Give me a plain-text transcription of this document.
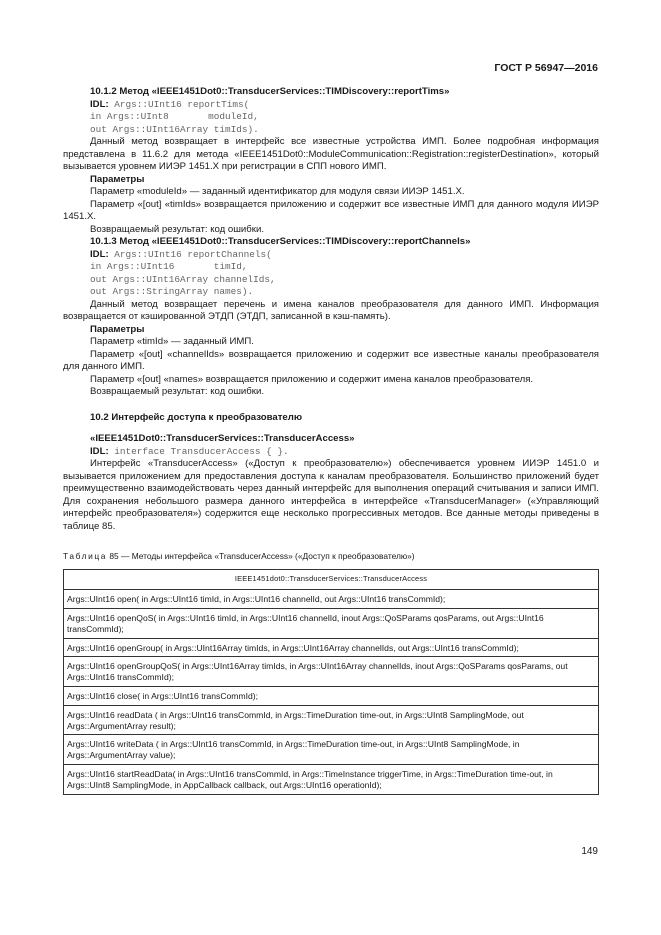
ГОСТ Р 56947—2016
10.1.2 Метод «IEEE1451Dot0::TransducerServices::TIMDiscovery::reportTims»
IDL: Args::UInt16 reportTims(
in Args::UInt8       moduleId,
out Args::UInt16Array timIds).

Данный метод возвращает в интерфейс все известные устройства ИМП. Более подробная информация представлена в 11.6.2 для метода «IEEE1451Dot0::ModuleCommunication::Registration::registerDestination», который вызывается уровнем ИИЭР 1451.X при регистрации в СПП нового ИМП.

Параметры

Параметр «moduleId» — заданный идентификатор для модуля связи ИИЭР 1451.X.

Параметр «[out] «timIds» возвращается приложению и содержит все известные ИМП для данного модуля ИИЭР 1451.X.

Возвращаемый результат: код ошибки.

10.1.3 Метод «IEEE1451Dot0::TransducerServices::TIMDiscovery::reportChannels»
IDL: Args::UInt16 reportChannels(
in Args::UInt16       timId,
out Args::UInt16Array channelIds,
out Args::StringArray names).

Данный метод возвращает перечень и имена каналов преобразователя для данного ИМП. Информация возвращается от кэшированной ЭТДП (ЭТДП, записанной в кэш-память).

Параметры

Параметр «timId» — заданный ИМП.

Параметр «[out] «channelIds» возвращается приложению и содержит все известные каналы преобразователя для данного ИМП.

Параметр «[out] «names» возвращается приложению и содержит имена каналов преобразователя.

Возвращаемый результат: код ошибки.

10.2 Интерфейс доступа к преобразователю
«IEEE1451Dot0::TransducerServices::TransducerAccess»
IDL: interface TransducerAccess { }.

Интерфейс «TransducerAccess» («Доступ к преобразователю») обеспечивается уровнем ИИЭР 1451.0 и вызывается приложением для предоставления доступа к каналам преобразователя. Большинство приложений будет преимущественно взаимодействовать через данный интерфейс для выполнения операций считывания и записи ИМП. Для сохранения небольшого размера данного интерфейса в интерфейсе «TransducerManager» («Управляющий интерфейс преобразователя») содержится еще несколько прогрессивных методов. Все данные методы приведены в таблице 85.

Таблица 85 — Методы интерфейса «TransducerAccess» («Доступ к преобразователю»)
IEEE1451dot0::TransducerServices::TransducerAccess
Args::UInt16 open( in Args::UInt16 timId, in Args::UInt16 channelId, out Args::UInt16 transCommId);
Args::UInt16 openQoS( in Args::UInt16 timId, in Args::UInt16 channelId, inout Args::QoSParams qosParams, out Args::UInt16 transCommId);
Args::UInt16 openGroup( in Args::UInt16Array timIds, in Args::UInt16Array channelIds, out Args::UInt16 transCommId);
Args::UInt16 openGroupQoS( in Args::UInt16Array timIds, in Args::UInt16Array channelIds, inout Args::QoSParams qosParams, out Args::UInt16 transCommId);
Args::UInt16 close( in Args::UInt16 transCommId);
Args::UInt16 readData ( in Args::UInt16 transCommId, in Args::TimeDuration time-out, in Args::UInt8 SamplingMode, out Args::ArgumentArray result);
Args::UInt16 writeData ( in Args::UInt16 transCommId, in Args::TimeDuration time-out, in Args::UInt8 SamplingMode, in Args::ArgumentArray value);
Args::UInt16 startReadData( in Args::UInt16 transCommId, in Args::TimeInstance triggerTime, in Args::TimeDuration time-out, in Args::UInt8 SamplingMode, in AppCallback callback, out Args::UInt16 operationId);
149
